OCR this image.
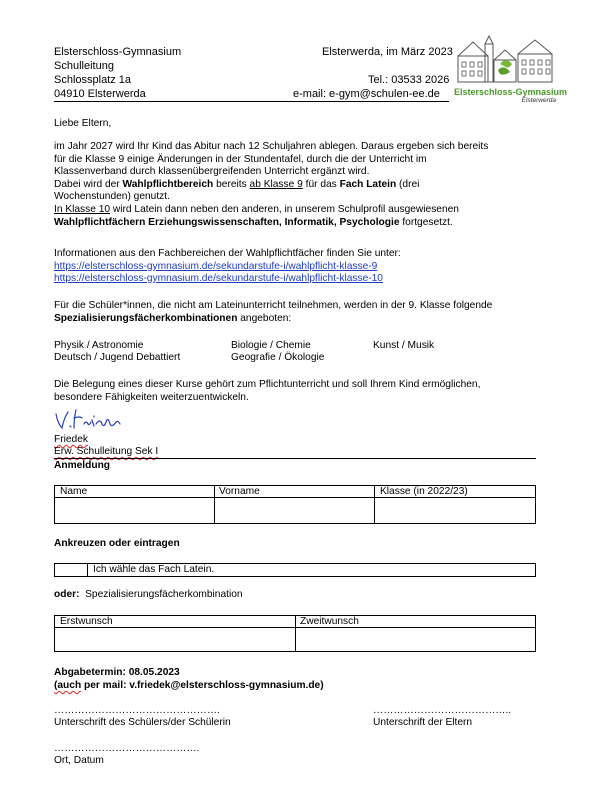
Elsterschloss-Gymnasium
Schulleitung
Schlossplatz 1a
04910 Elsterwerda
Elsterwerda, im März 2023
Tel.: 03533 2026
e-mail: e-gym@schulen-ee.de Elsterschloss-Gymnasium
Elsterwerda
Liebe Eltern,
im Jahr 2027 wird Ihr Kind das Abitur nach 12 Schuljahren ablegen. Daraus ergeben sich bereits
für die Klasse 9 einige Änderungen in der Stundentafel, durch die der Unterricht im
Klassenverband durch klassenübergreifenden Unterricht ergänzt wird.
Dabei wird der Wahlpflichtbereich bereits ab Klasse 9 für das Fach Latein (drei
Wochenstunden) genutzt.
In Klasse 10 wird Latein dann neben den anderen, in unserem Schulprofil ausgewiesenen
Wahlpflichtfächern Erziehungswissenschaften, Informatik, Psychologie fortgesetzt.
Informationen aus den Fachbereichen der Wahlpflichtfächer finden Sie unter:
https://elsterschloss-gymnasium.de/sekundarstufe-i/wahlpflicht-klasse-9
https://elsterschloss-gymnasium.de/sekundarstufe-i/wahlpflicht-klasse-10
Für die Schüler*innen, die nicht am Lateinunterricht teilnehmen, werden in der 9. Klasse folgende
Spezialisierungsfächerkombinationen angeboten:
Physik / Astronomie	Biologie / Chemie	Kunst / Musik
Deutsch / Jugend Debattiert	Geografie / Ökologie
Die Belegung eines dieser Kurse gehört zum Pflichtunterricht und soll Ihrem Kind ermöglichen,
besondere Fähigkeiten weiterzuentwickeln.
Friedek
Erw. Schulleitung Sek I
Anmeldung
Name	Vorname	Klasse (in 2022/23)
Ankreuzen oder eintragen
Ich wähle das Fach Latein.
oder: Spezialisierungsfächerkombination
Erstwunsch	Zweitwunsch
Abgabetermin: 08.05.2023
(auch per mail: v.friedek@elsterschloss-gymnasium.de)
………………………………………….
Unterschrift des Schülers/der Schülerin
…………………………………..
Unterschrift der Eltern
…………………………………….
Ort, Datum
